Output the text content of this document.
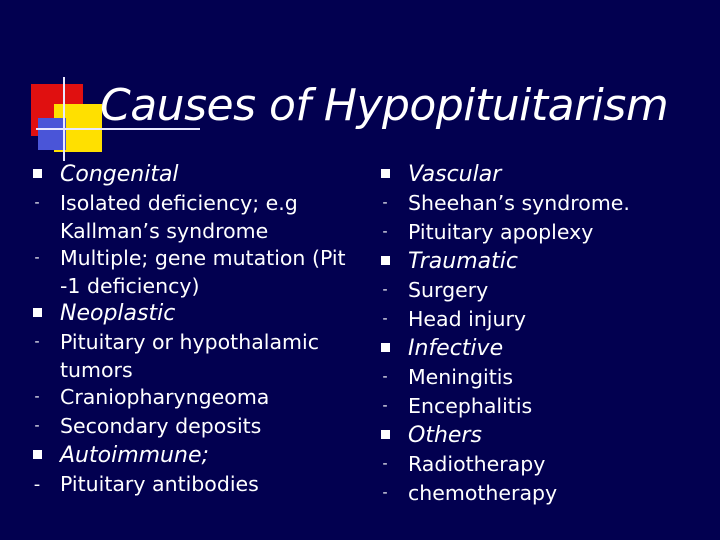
Causes of Hypopituitarism
Congenital
- Isolated deficiency; e.g
Kallman’s syndrome
- Multiple; gene mutation (Pit
-1 deficiency)
Neoplastic
- Pituitary or hypothalamic
tumors
- Craniopharyngeoma
- Secondary deposits
Autoimmune;
- Pituitary antibodies
Vascular
- Sheehan’s syndrome.
- Pituitary apoplexy
Traumatic
- Surgery
- Head injury
Infective
- Meningitis
- Encephalitis
Others
- Radiotherapy
- chemotherapy
